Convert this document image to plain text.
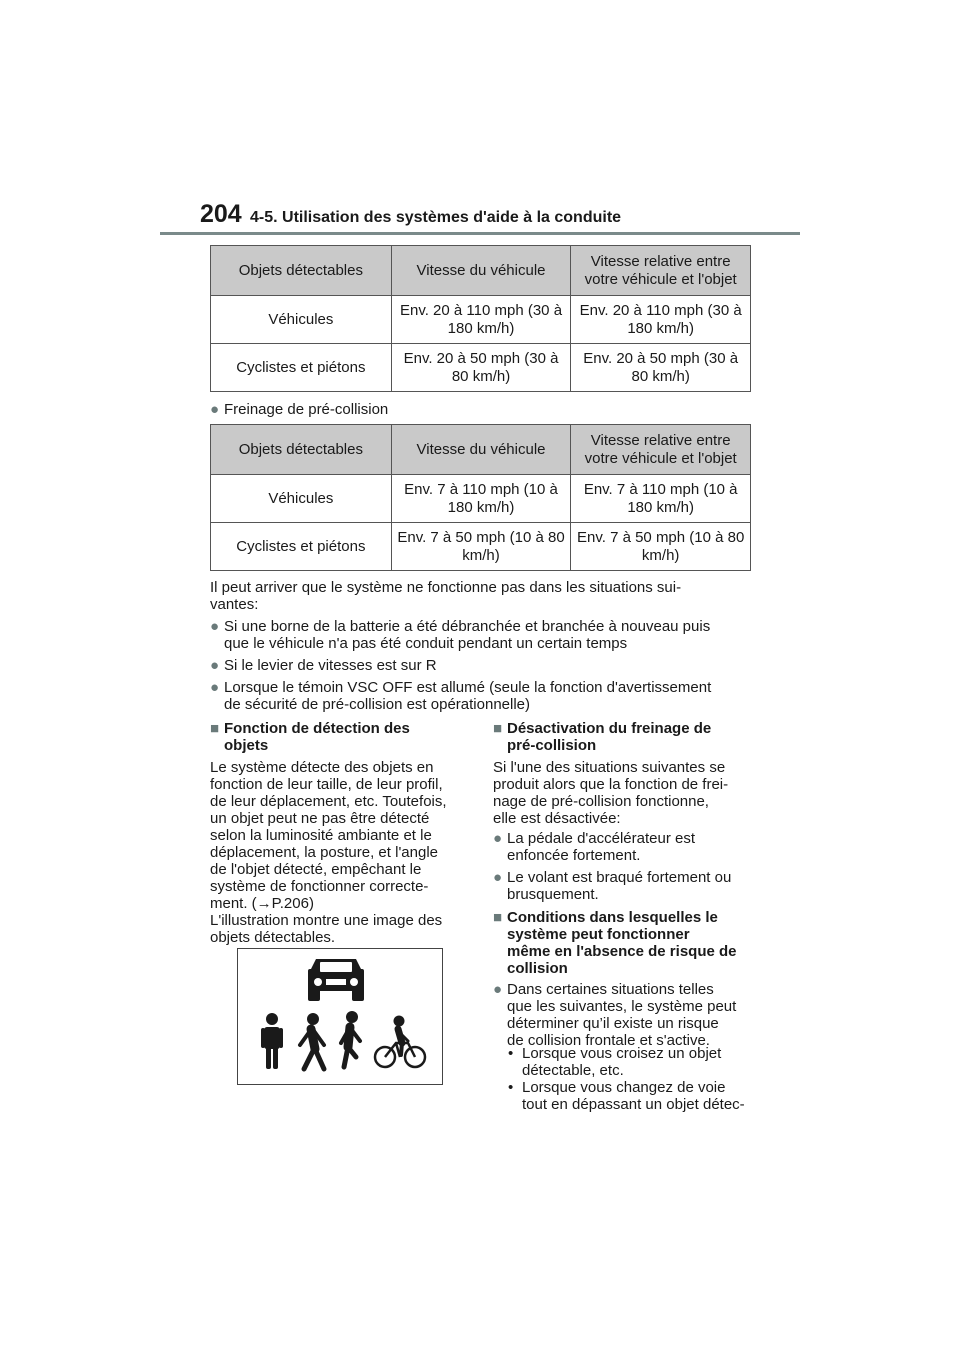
204 4-5. Utilisation des systèmes d'aide à la conduite
Objets détectables	Vitesse du véhicule	Vitesse relative entre votre véhicule et l'objet
Véhicules	Env. 20 à 110 mph (30 à 180 km/h)	Env. 20 à 110 mph (30 à 180 km/h)
Cyclistes et piétons	Env. 20 à 50 mph (30 à 80 km/h)	Env. 20 à 50 mph (30 à 80 km/h)
● Freinage de pré-collision
Objets détectables	Vitesse du véhicule	Vitesse relative entre votre véhicule et l'objet
Véhicules	Env. 7 à 110 mph (10 à 180 km/h)	Env. 7 à 110 mph (10 à 180 km/h)
Cyclistes et piétons	Env. 7 à 50 mph (10 à 80 km/h)	Env. 7 à 50 mph (10 à 80 km/h)
Il peut arriver que le système ne fonctionne pas dans les situations sui-
vantes:
● Si une borne de la batterie a été débranchée et branchée à nouveau puis
que le véhicule n'a pas été conduit pendant un certain temps
● Si le levier de vitesses est sur R
● Lorsque le témoin VSC OFF est allumé (seule la fonction d'avertissement
de sécurité de pré-collision est opérationnelle)
■ Fonction de détection des
objets
Le système détecte des objets en
fonction de leur taille, de leur profil,
de leur déplacement, etc. Toutefois,
un objet peut ne pas être détecté
selon la luminosité ambiante et le
déplacement, la posture, et l'angle
de l'objet détecté, empêchant le
système de fonctionner correcte-
ment. (→P.206)
L'illustration montre une image des
objets détectables.
■ Désactivation du freinage de
pré-collision
Si l'une des situations suivantes se
produit alors que la fonction de frei-
nage de pré-collision fonctionne,
elle est désactivée:
● La pédale d'accélérateur est
enfoncée fortement.
● Le volant est braqué fortement ou
brusquement.
■ Conditions dans lesquelles le
système peut fonctionner
même en l'absence de risque de
collision
● Dans certaines situations telles
que les suivantes, le système peut
déterminer qu’il existe un risque
de collision frontale et s'active.
• Lorsque vous croisez un objet
détectable, etc.
• Lorsque vous changez de voie
tout en dépassant un objet détec-
